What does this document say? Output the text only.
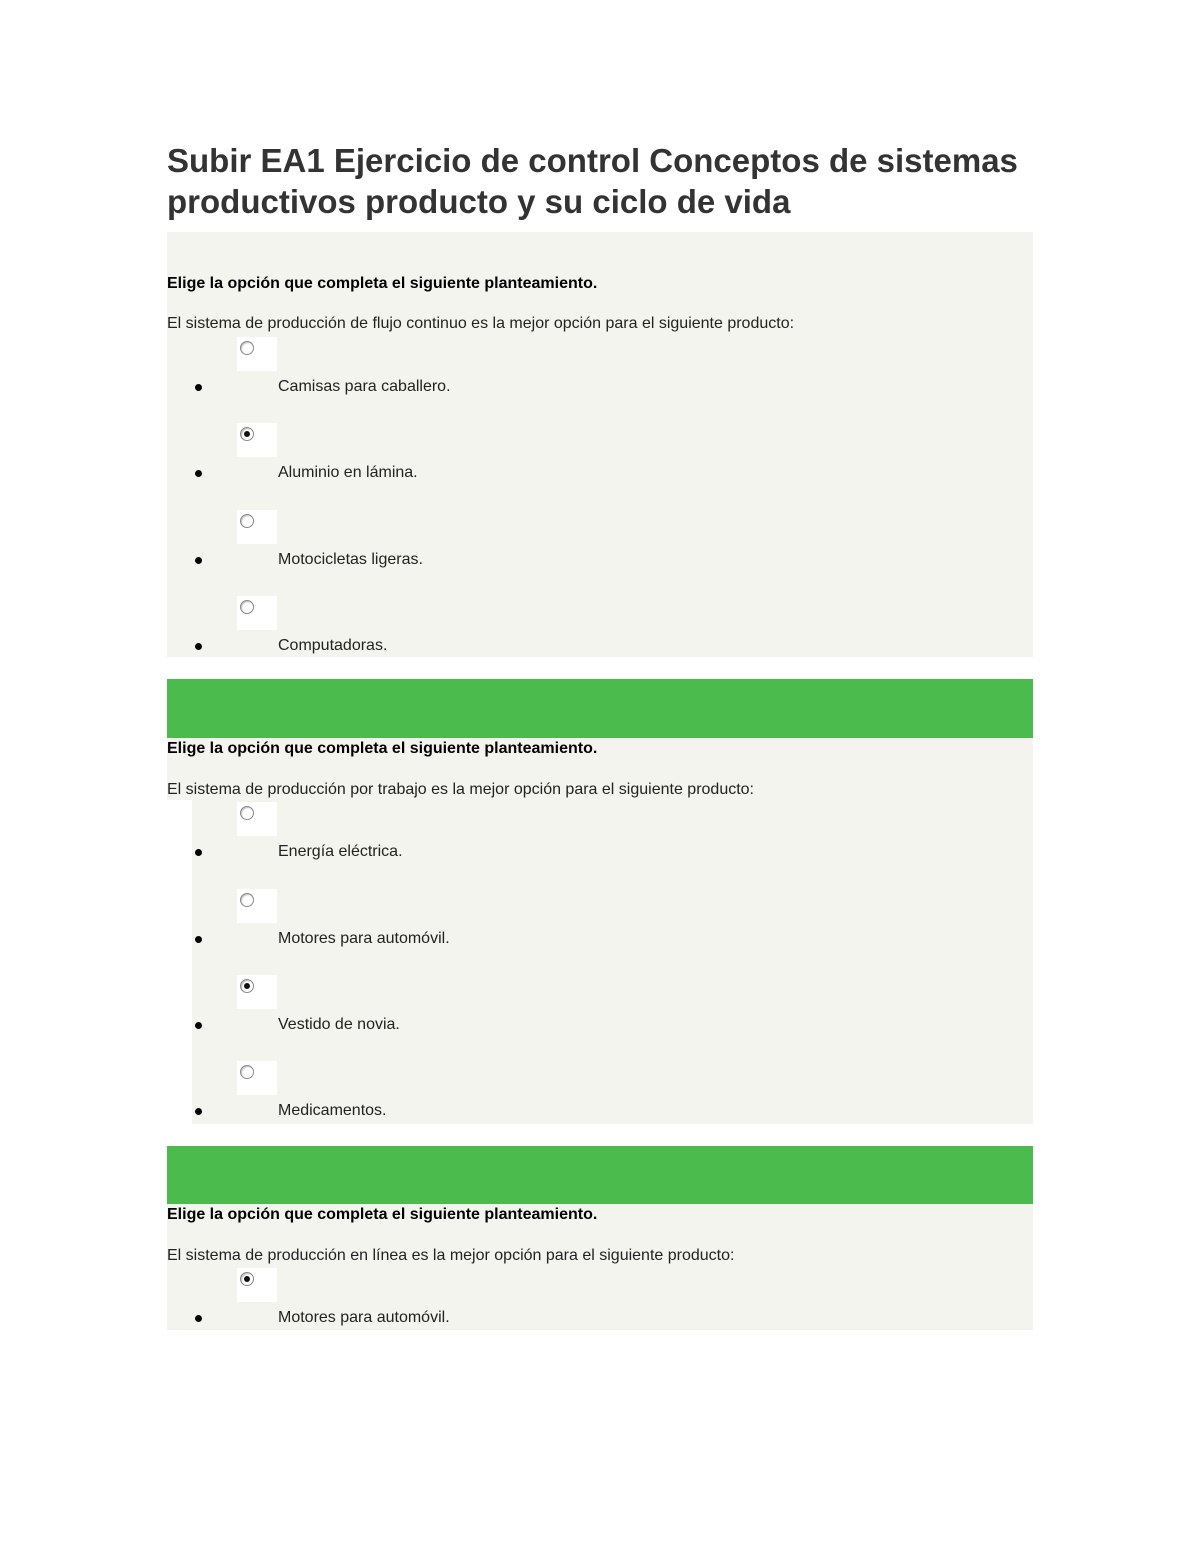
Subir EA1 Ejercicio de control Conceptos de sistemas productivos producto y su ciclo de vida

Elige la opción que completa el siguiente planteamiento.

El sistema de producción de flujo continuo es la mejor opción para el siguiente producto:

Camisas para caballero.
Aluminio en lámina.
Motocicletas ligeras.
Computadoras.

Elige la opción que completa el siguiente planteamiento.

El sistema de producción por trabajo es la mejor opción para el siguiente producto:

Energía eléctrica.
Motores para automóvil.
Vestido de novia.
Medicamentos.

Elige la opción que completa el siguiente planteamiento.

El sistema de producción en línea es la mejor opción para el siguiente producto:

Motores para automóvil.
